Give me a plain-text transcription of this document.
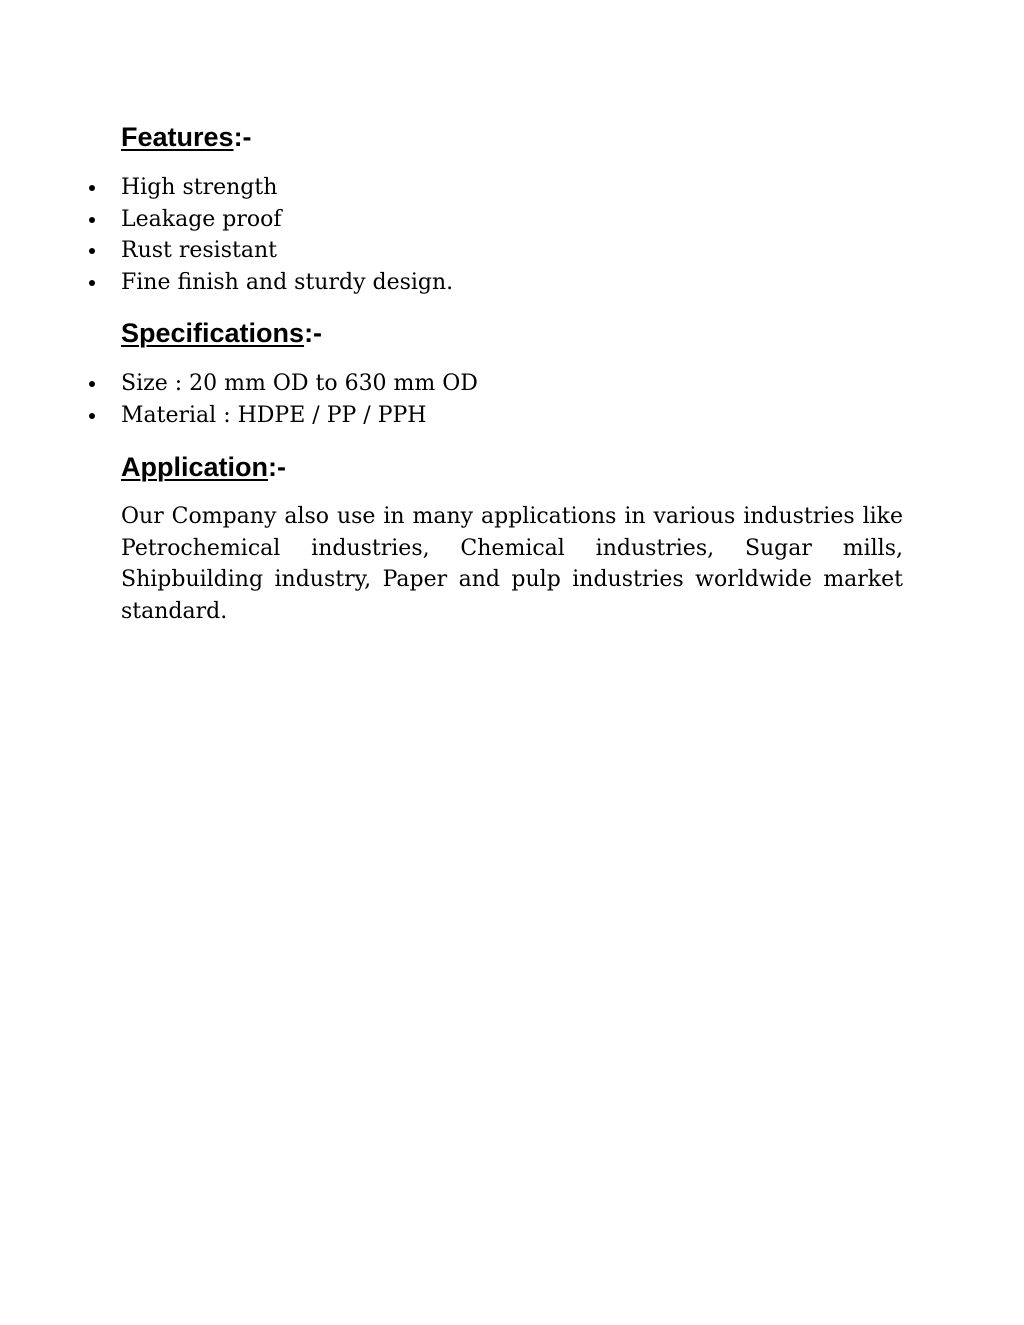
Features:-
High strength
Leakage proof
Rust resistant
Fine finish and sturdy design.
Specifications:-
Size : 20 mm OD to 630 mm OD
Material : HDPE / PP / PPH
Application:-

Our Company also use in many applications in various industries like Petrochemical industries, Chemical industries, Sugar mills, Shipbuilding industry, Paper and pulp industries worldwide market standard.
